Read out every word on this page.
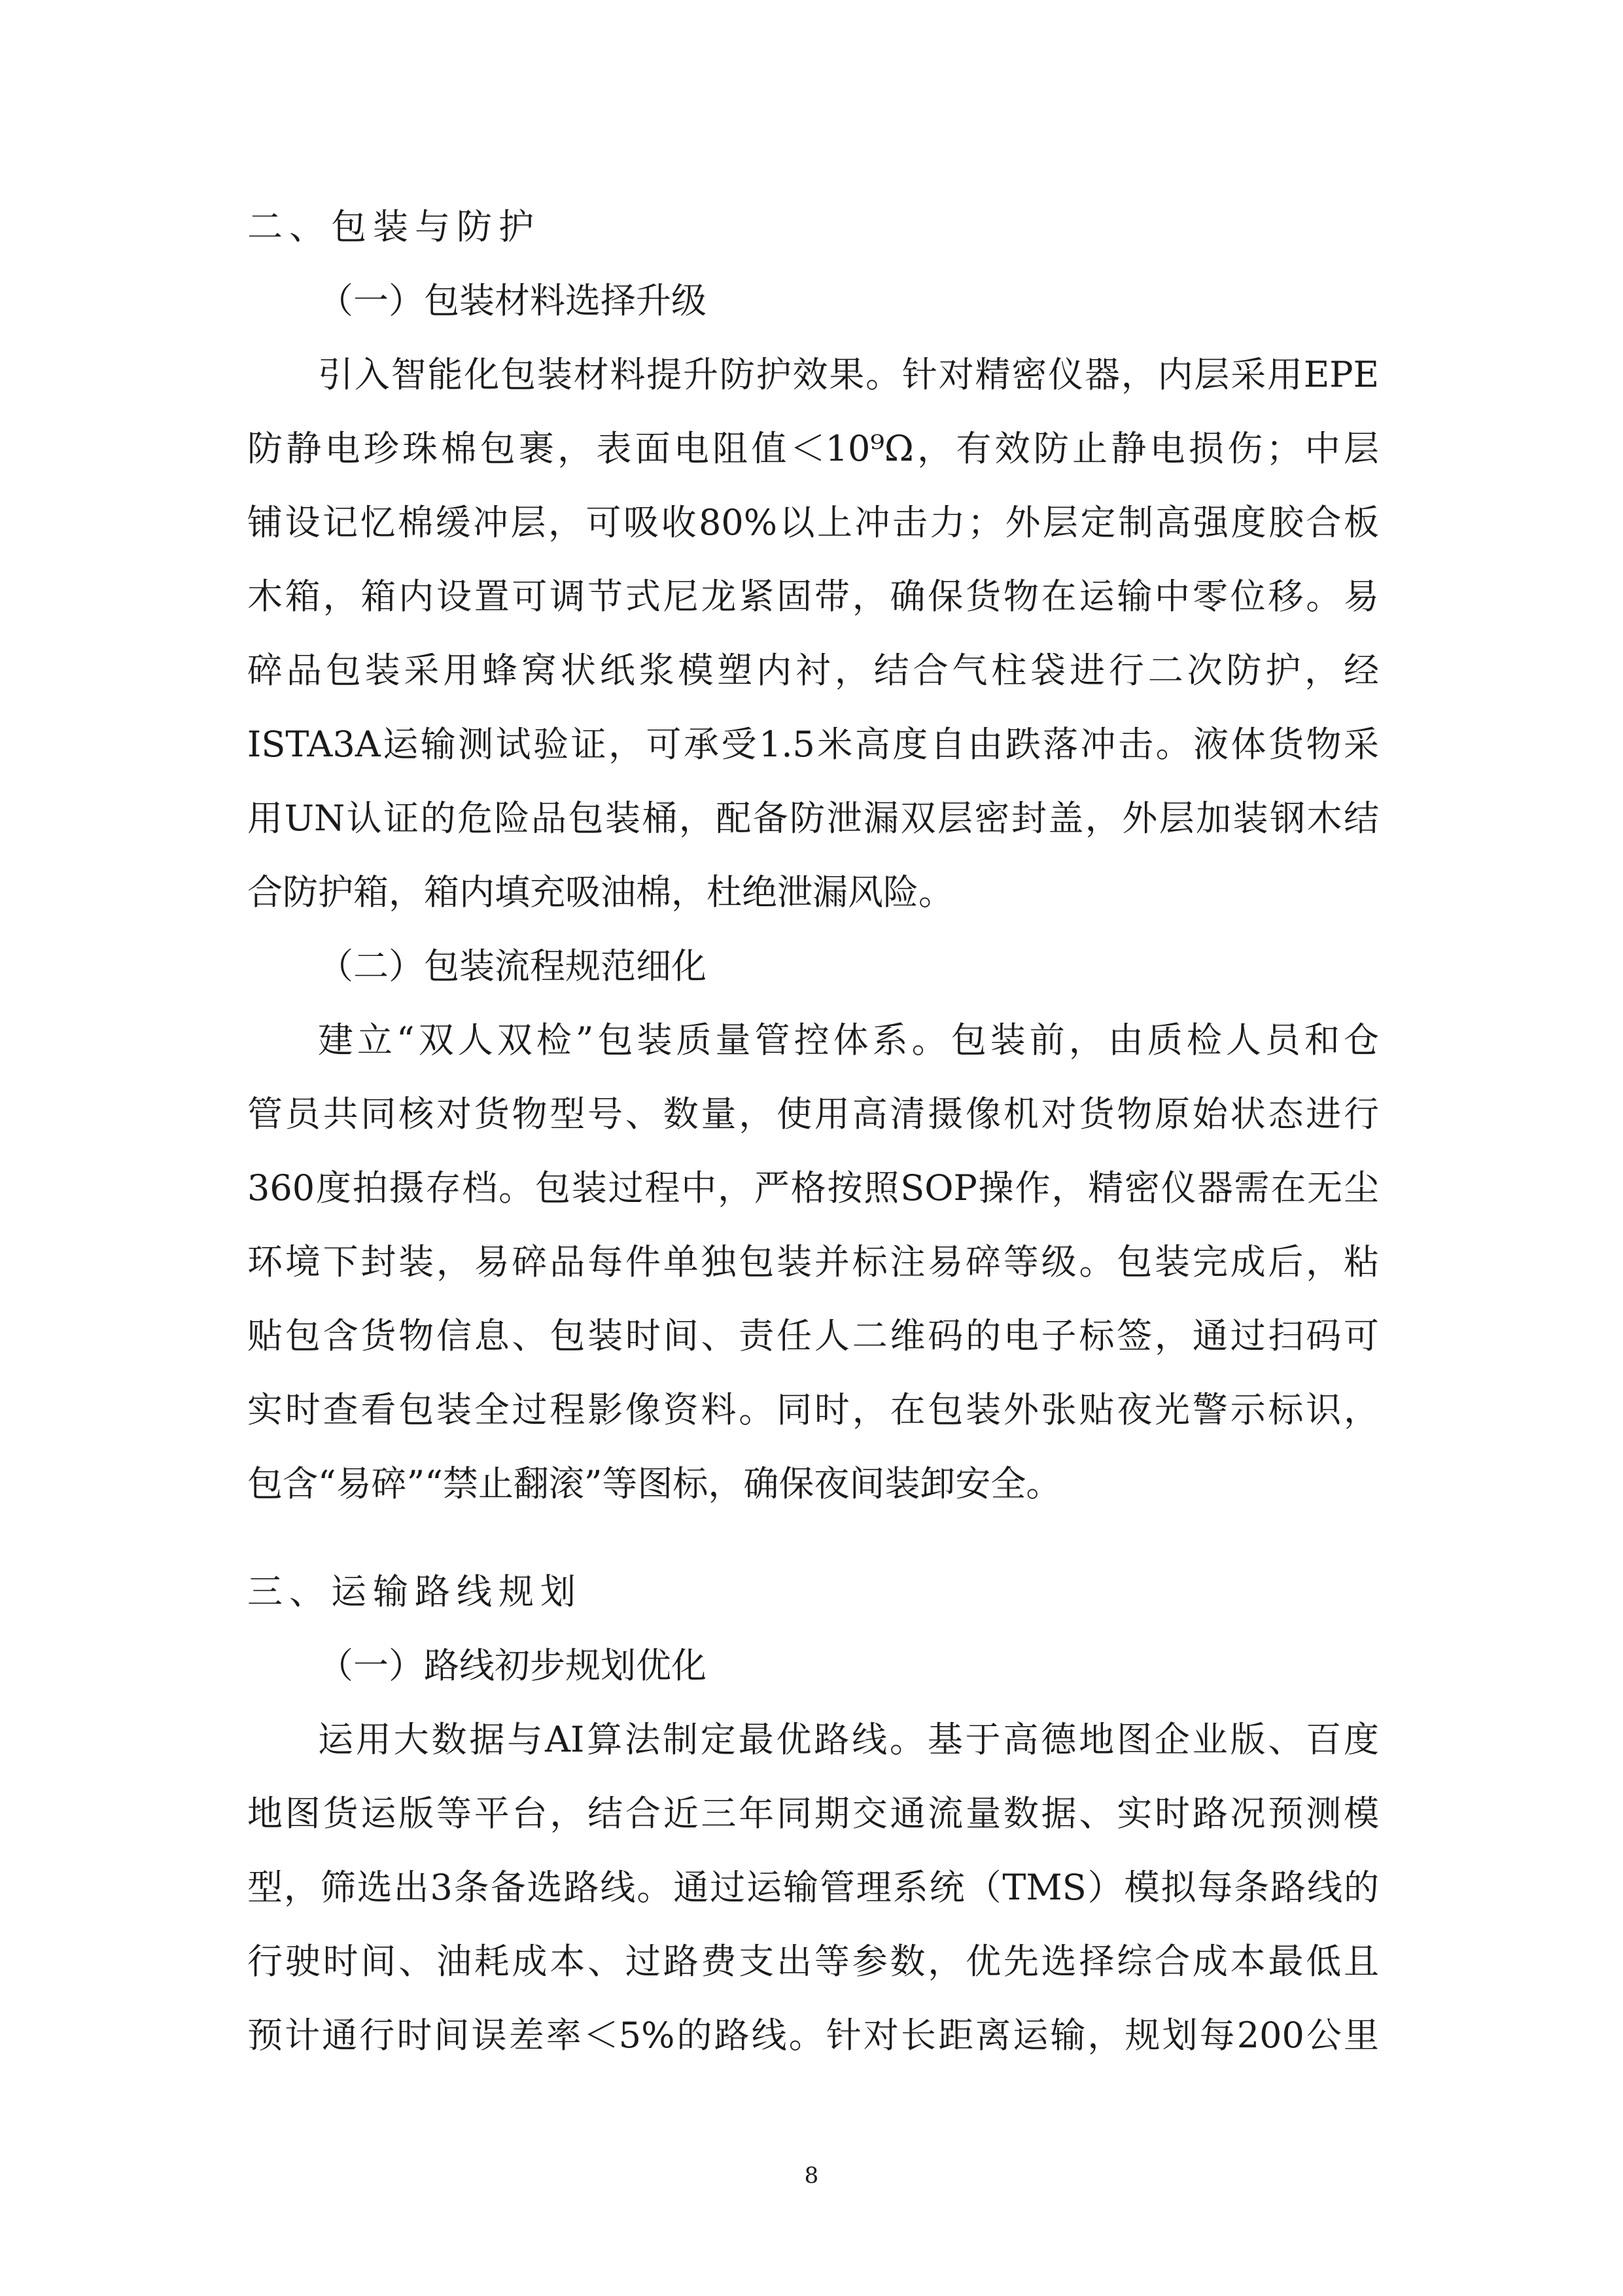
二、包装与防护
（一）包装材料选择升级
引入智能化包装材料提升防护效果。针对精密仪器，内层采用EPE
防静电珍珠棉包裹，表面电阻值＜10⁹Ω，有效防止静电损伤；中层
铺设记忆棉缓冲层，可吸收80%以上冲击力；外层定制高强度胶合板
木箱，箱内设置可调节式尼龙紧固带，确保货物在运输中零位移。易
碎品包装采用蜂窝状纸浆模塑内衬，结合气柱袋进行二次防护，经
ISTA3A运输测试验证，可承受1.5米高度自由跌落冲击。液体货物采
用UN认证的危险品包装桶，配备防泄漏双层密封盖，外层加装钢木结
合防护箱，箱内填充吸油棉，杜绝泄漏风险。
（二）包装流程规范细化
建立“双人双检”包装质量管控体系。包装前，由质检人员和仓
管员共同核对货物型号、数量，使用高清摄像机对货物原始状态进行
360度拍摄存档。包装过程中，严格按照SOP操作，精密仪器需在无尘
环境下封装，易碎品每件单独包装并标注易碎等级。包装完成后，粘
贴包含货物信息、包装时间、责任人二维码的电子标签，通过扫码可
实时查看包装全过程影像资料。同时，在包装外张贴夜光警示标识，
包含“易碎”“禁止翻滚”等图标，确保夜间装卸安全。
三、运输路线规划
（一）路线初步规划优化
运用大数据与AI算法制定最优路线。基于高德地图企业版、百度
地图货运版等平台，结合近三年同期交通流量数据、实时路况预测模
型，筛选出3条备选路线。通过运输管理系统（TMS）模拟每条路线的
行驶时间、油耗成本、过路费支出等参数，优先选择综合成本最低且
预计通行时间误差率＜5%的路线。针对长距离运输，规划每200公里
8
